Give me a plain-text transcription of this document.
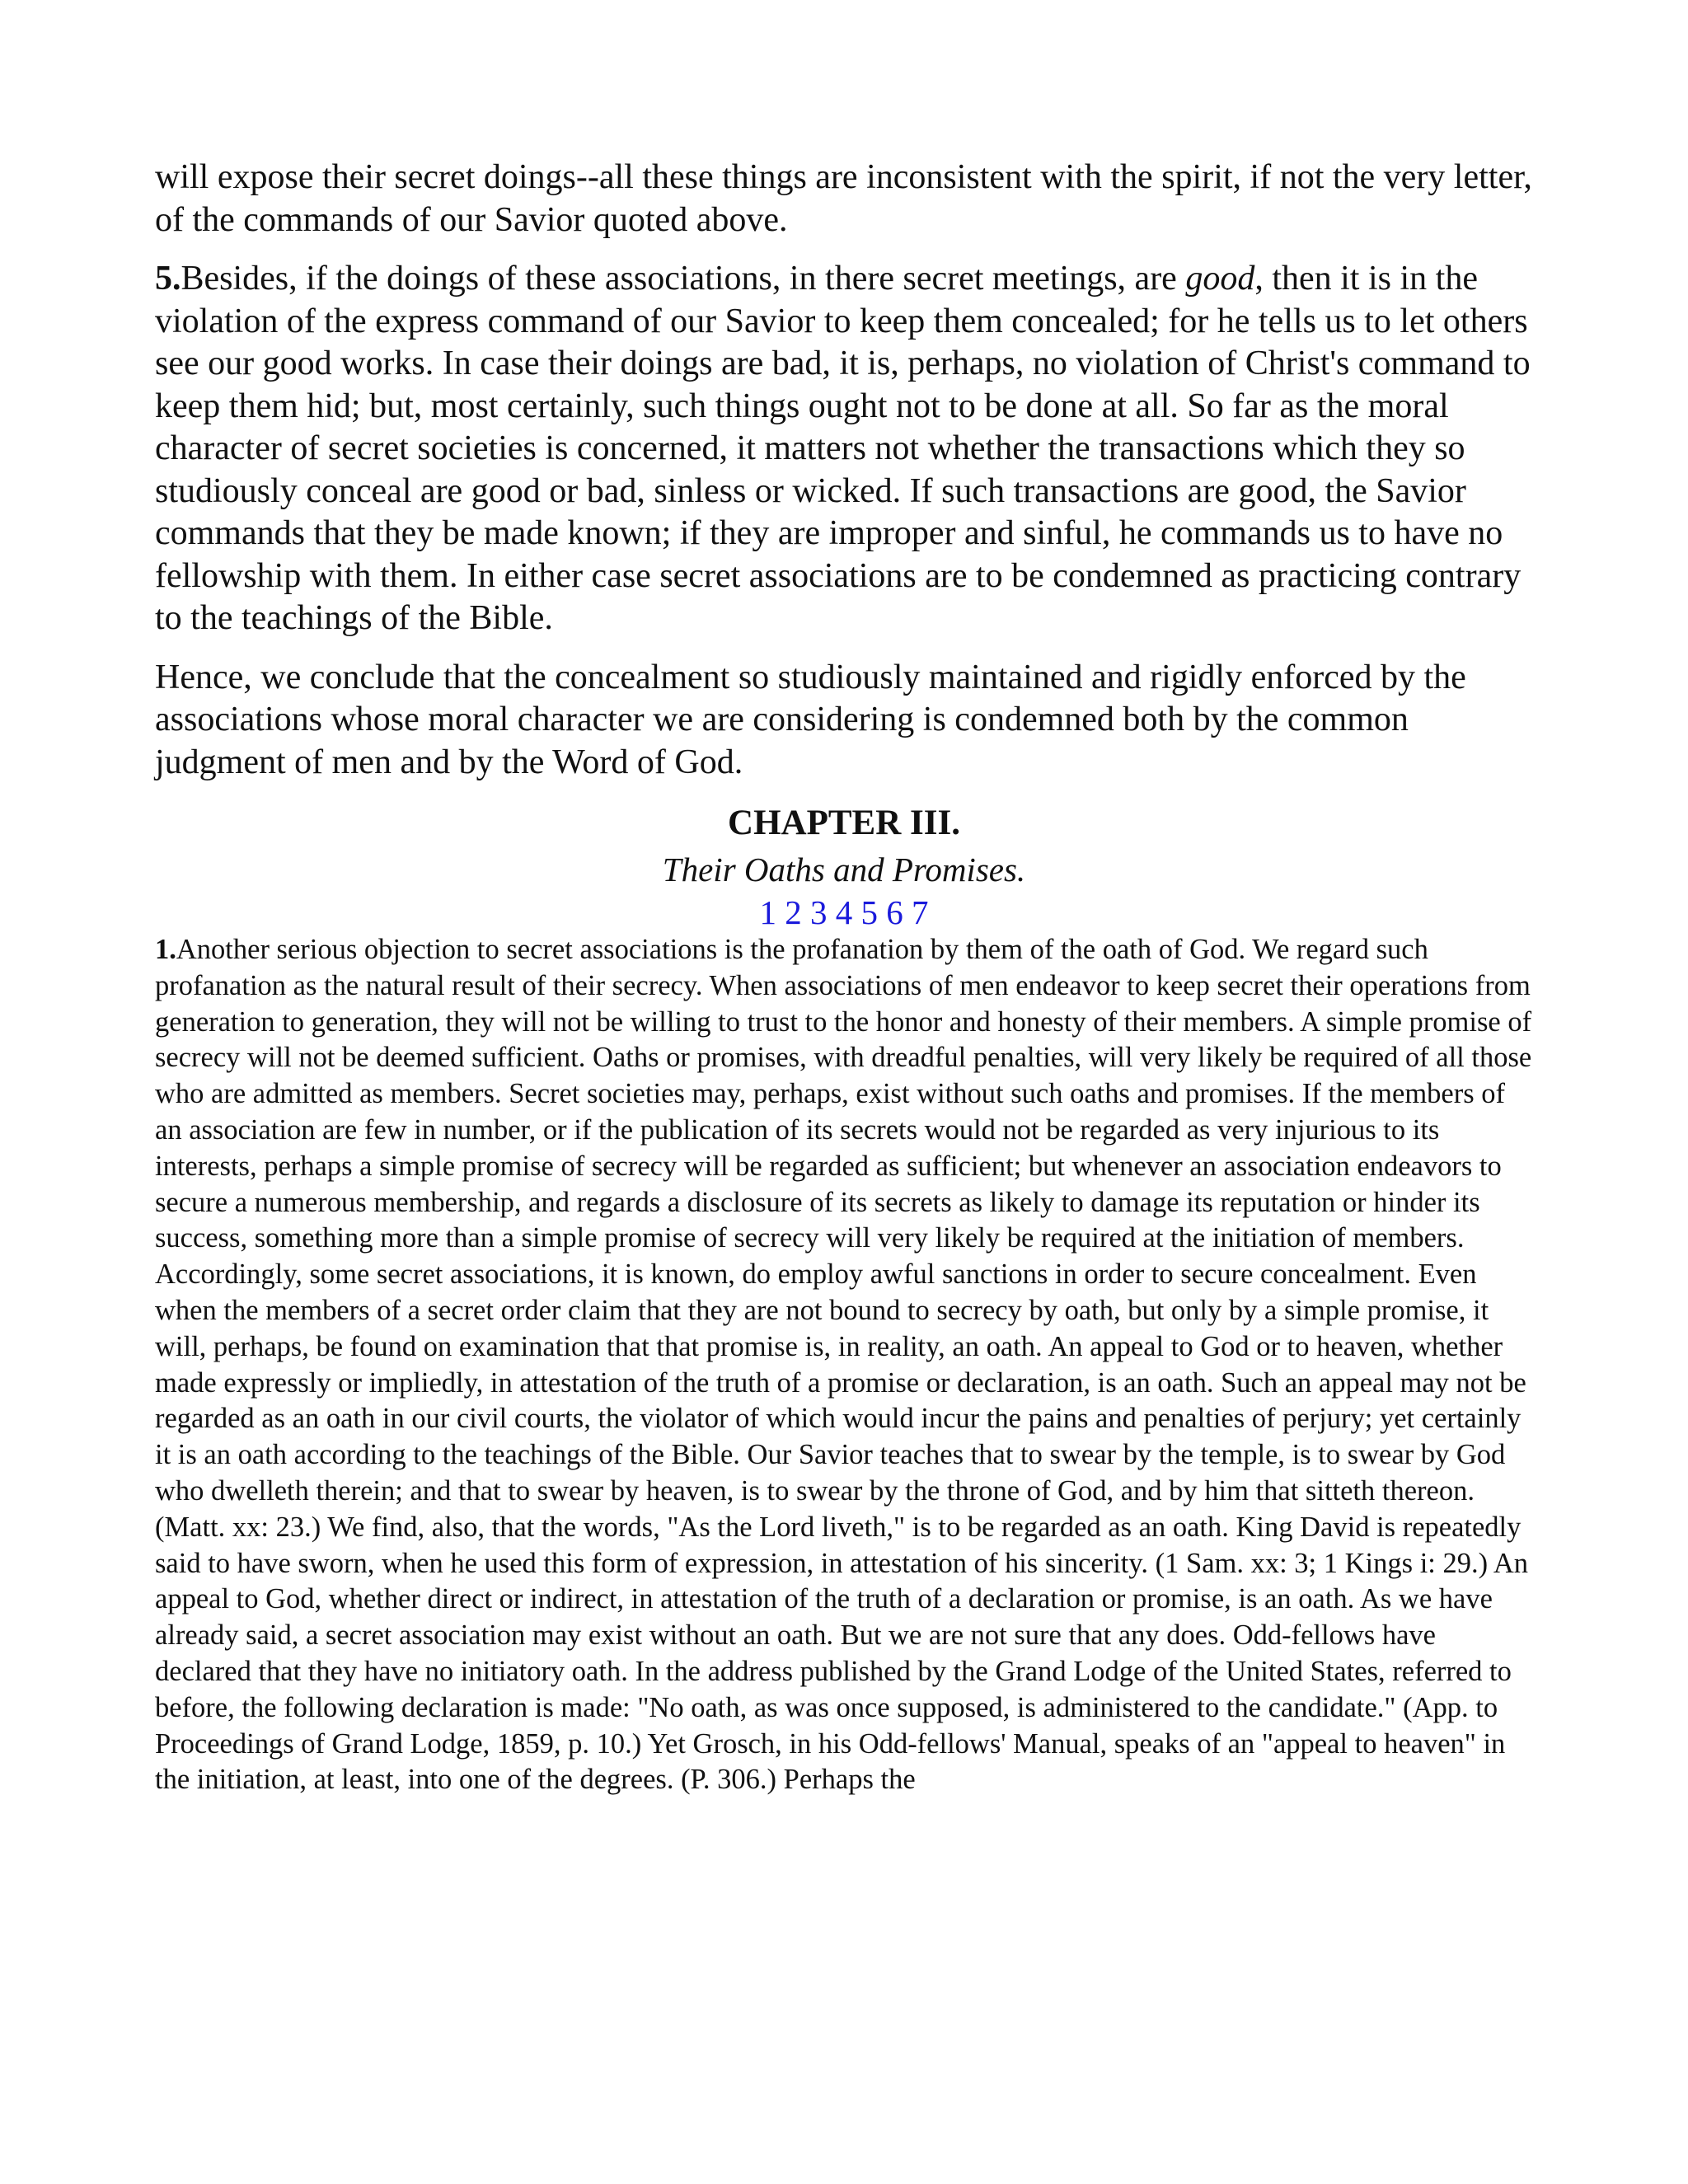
will expose their secret doings--all these things are inconsistent with the spirit, if not the very letter, of the commands of our Savior quoted above.

5.Besides, if the doings of these associations, in there secret meetings, are good, then it is in the violation of the express command of our Savior to keep them concealed; for he tells us to let others see our good works. In case their doings are bad, it is, perhaps, no violation of Christ's command to keep them hid; but, most certainly, such things ought not to be done at all. So far as the moral character of secret societies is concerned, it matters not whether the transactions which they so studiously conceal are good or bad, sinless or wicked. If such transactions are good, the Savior commands that they be made known; if they are improper and sinful, he commands us to have no fellowship with them. In either case secret associations are to be condemned as practicing contrary to the teachings of the Bible.

Hence, we conclude that the concealment so studiously maintained and rigidly enforced by the associations whose moral character we are considering is condemned both by the common judgment of men and by the Word of God.

CHAPTER III.
Their Oaths and Promises.
1 2 3 4 5 6 7

1.Another serious objection to secret associations is the profanation by them of the oath of God. We regard such profanation as the natural result of their secrecy. When associations of men endeavor to keep secret their operations from generation to generation, they will not be willing to trust to the honor and honesty of their members. A simple promise of secrecy will not be deemed sufficient. Oaths or promises, with dreadful penalties, will very likely be required of all those who are admitted as members. Secret societies may, perhaps, exist without such oaths and promises. If the members of an association are few in number, or if the publication of its secrets would not be regarded as very injurious to its interests, perhaps a simple promise of secrecy will be regarded as sufficient; but whenever an association endeavors to secure a numerous membership, and regards a disclosure of its secrets as likely to damage its reputation or hinder its success, something more than a simple promise of secrecy will very likely be required at the initiation of members. Accordingly, some secret associations, it is known, do employ awful sanctions in order to secure concealment. Even when the members of a secret order claim that they are not bound to secrecy by oath, but only by a simple promise, it will, perhaps, be found on examination that that promise is, in reality, an oath. An appeal to God or to heaven, whether made expressly or impliedly, in attestation of the truth of a promise or declaration, is an oath. Such an appeal may not be regarded as an oath in our civil courts, the violator of which would incur the pains and penalties of perjury; yet certainly it is an oath according to the teachings of the Bible. Our Savior teaches that to swear by the temple, is to swear by God who dwelleth therein; and that to swear by heaven, is to swear by the throne of God, and by him that sitteth thereon. (Matt. xx: 23.) We find, also, that the words, "As the Lord liveth," is to be regarded as an oath. King David is repeatedly said to have sworn, when he used this form of expression, in attestation of his sincerity. (1 Sam. xx: 3; 1 Kings i: 29.) An appeal to God, whether direct or indirect, in attestation of the truth of a declaration or promise, is an oath. As we have already said, a secret association may exist without an oath. But we are not sure that any does. Odd-fellows have declared that they have no initiatory oath. In the address published by the Grand Lodge of the United States, referred to before, the following declaration is made: "No oath, as was once supposed, is administered to the candidate." (App. to Proceedings of Grand Lodge, 1859, p. 10.) Yet Grosch, in his Odd-fellows' Manual, speaks of an "appeal to heaven" in the initiation, at least, into one of the degrees. (P. 306.) Perhaps the
